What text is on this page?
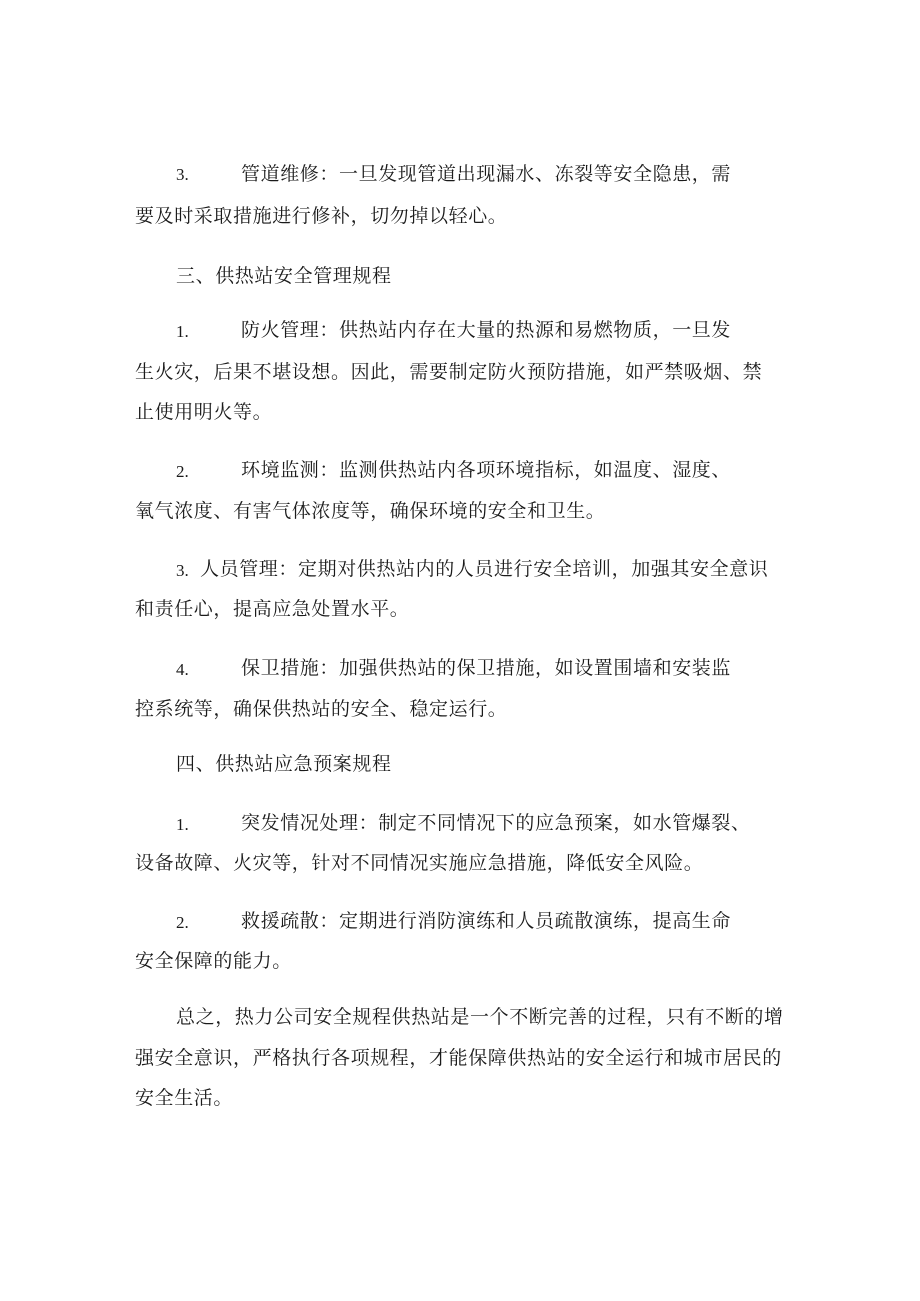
3.	管道维修：一旦发现管道出现漏水、冻裂等安全隐患，需
要及时采取措施进行修补，切勿掉以轻心。
三、供热站安全管理规程
1.	防火管理：供热站内存在大量的热源和易燃物质，一旦发
生火灾，后果不堪设想。因此，需要制定防火预防措施，如严禁吸烟、禁
止使用明火等。
2.	环境监测：监测供热站内各项环境指标，如温度、湿度、
氧气浓度、有害气体浓度等，确保环境的安全和卫生。
3. 人员管理：定期对供热站内的人员进行安全培训，加强其安全意识
和责任心，提高应急处置水平。
4.	保卫措施：加强供热站的保卫措施，如设置围墙和安装监
控系统等，确保供热站的安全、稳定运行。
四、供热站应急预案规程
1.	突发情况处理：制定不同情况下的应急预案，如水管爆裂、
设备故障、火灾等，针对不同情况实施应急措施，降低安全风险。
2.	救援疏散：定期进行消防演练和人员疏散演练，提高生命
安全保障的能力。
总之，热力公司安全规程供热站是一个不断完善的过程，只有不断的增
强安全意识，严格执行各项规程，才能保障供热站的安全运行和城市居民的
安全生活。
